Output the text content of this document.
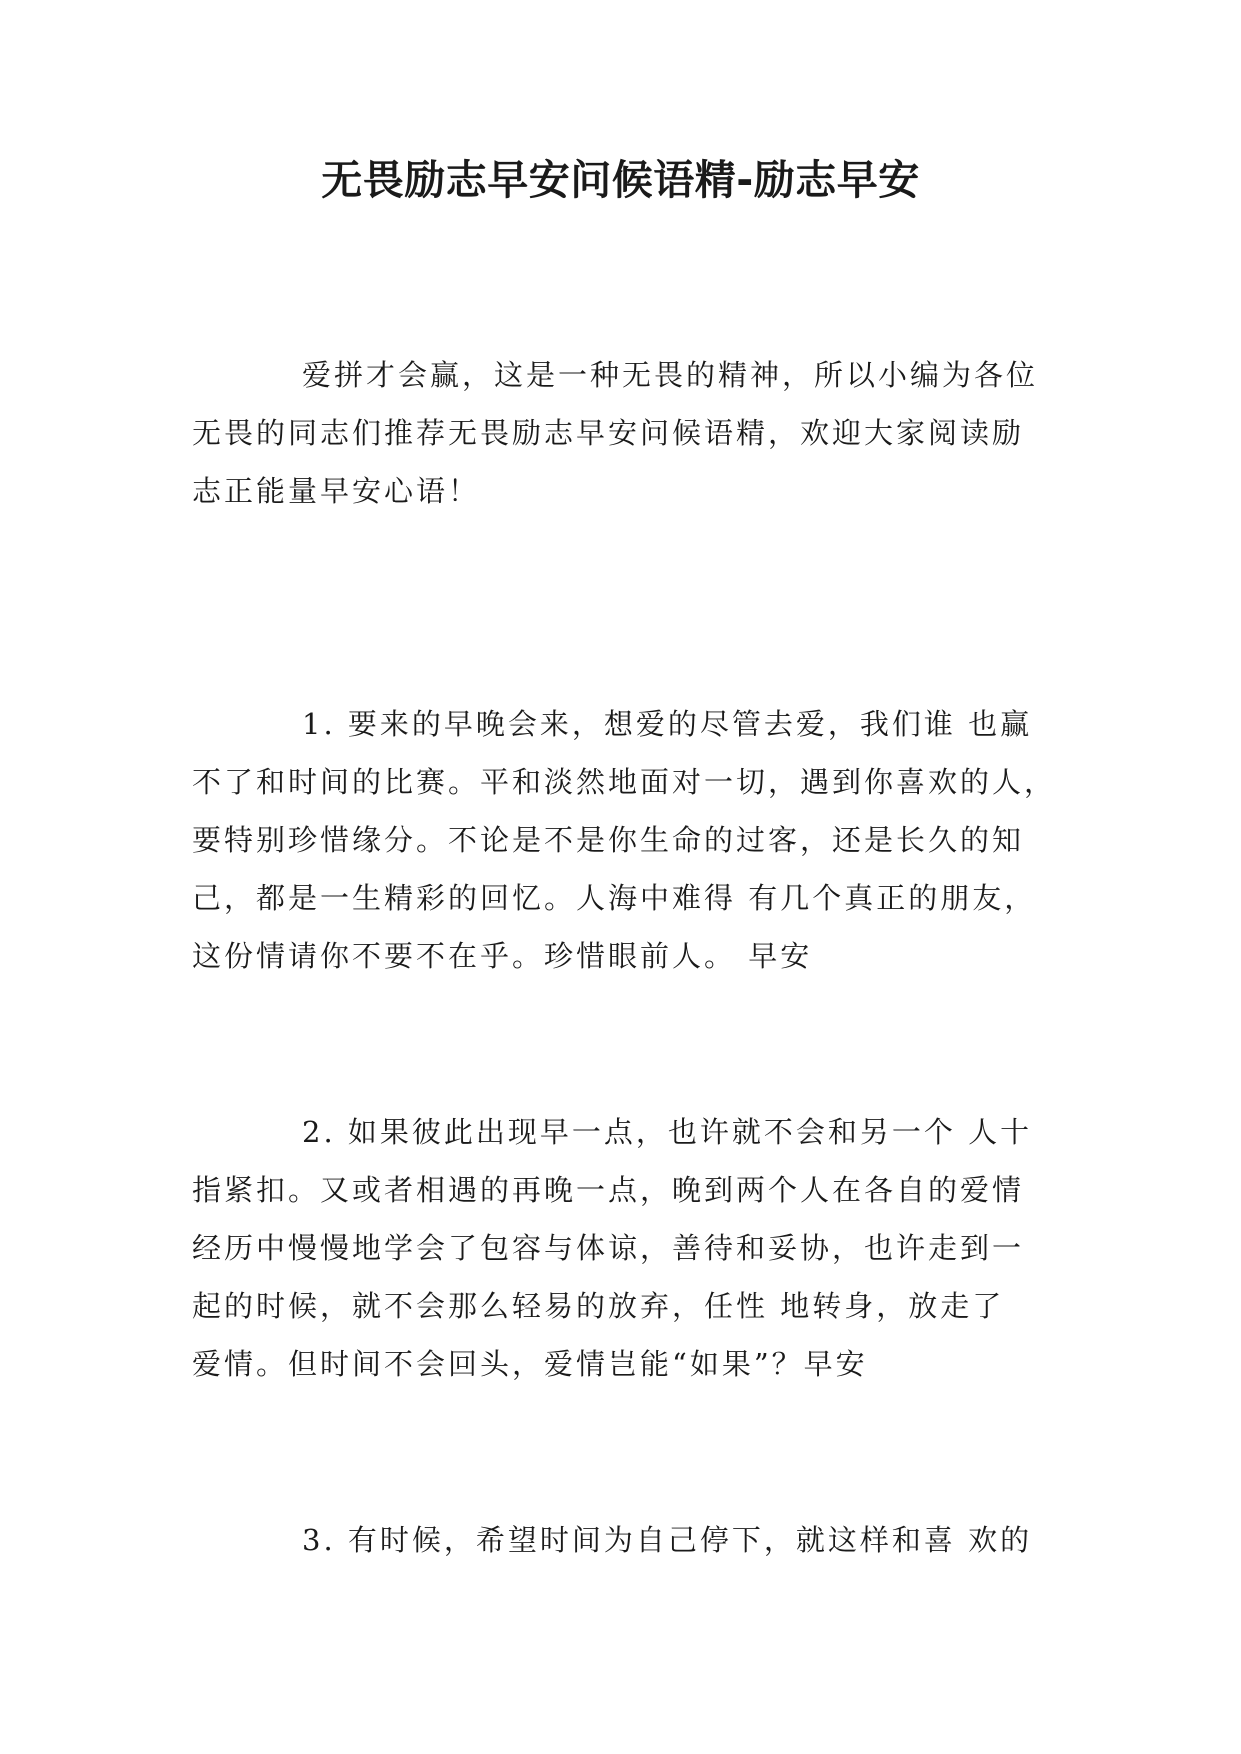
无畏励志早安问候语精-励志早安

爱拼才会赢，这是一种无畏的精神，所以小编为各位
无畏的同志们推荐无畏励志早安问候语精，欢迎大家阅读励
志正能量早安心语！

1. 要来的早晚会来，想爱的尽管去爱，我们谁 也赢
不了和时间的比赛。平和淡然地面对一切，遇到你喜欢的人，
要特别珍惜缘分。不论是不是你生命的过客，还是长久的知
己，都是一生精彩的回忆。人海中难得 有几个真正的朋友，
这份情请你不要不在乎。珍惜眼前人。 早安

2. 如果彼此出现早一点，也许就不会和另一个 人十
指紧扣。又或者相遇的再晚一点，晚到两个人在各自的爱情
经历中慢慢地学会了包容与体谅，善待和妥协，也许走到一
起的时候，就不会那么轻易的放弃，任性 地转身，放走了
爱情。但时间不会回头，爱情岂能“如果”？早安

3. 有时候，希望时间为自己停下，就这样和喜 欢的
